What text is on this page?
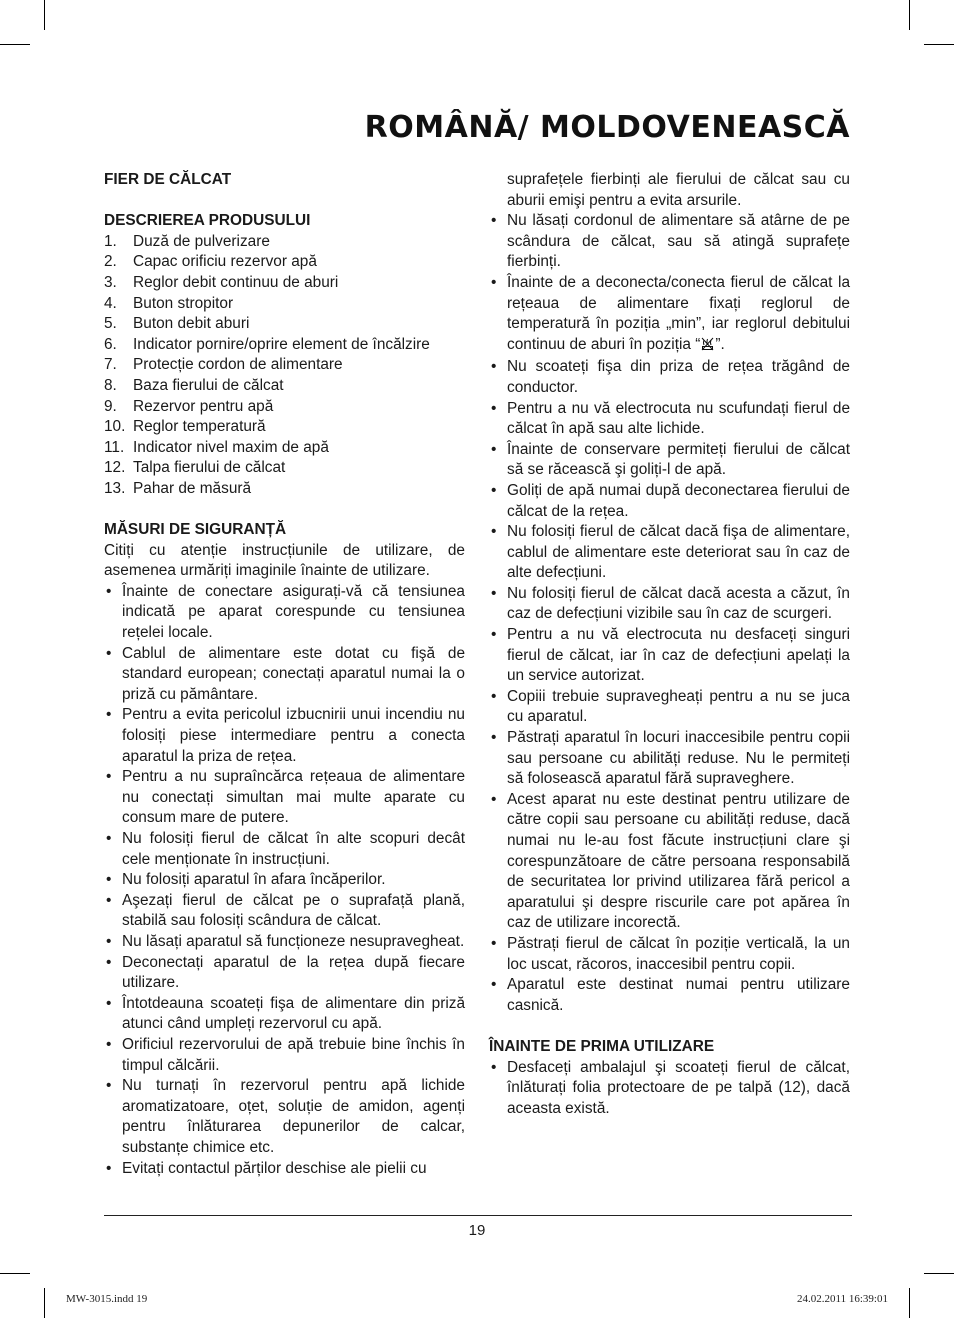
ROMÂNĂ/ MOLDOVENEASCĂ

FIER DE CĂLCAT

DESCRIEREA PRODUSULUI

1.	Duză de pulverizare
2.	Capac orificiu rezervor apă
3.	Reglor debit continuu de aburi
4.	Buton stropitor
5.	Buton debit aburi
6.	Indicator pornire/oprire element de încălzire
7.	Protecție cordon de alimentare
8.	Baza fierului de călcat
9.	Rezervor pentru apă
10. Reglor temperatură
11. Indicator nivel maxim de apă
12. Talpa fierului de călcat
13. Pahar de măsură

MĂSURI DE SIGURANȚĂ

Citiți cu atenție instrucțiunile de utilizare, de asemenea urmăriți imaginile înainte de utilizare.

• Înainte de conectare asigurați-vă că tensiunea indicată pe aparat corespunde cu tensiunea rețelei locale.
• Cablul de alimentare este dotat cu fişă de standard european; conectați aparatul numai la o priză cu pământare.
• Pentru a evita pericolul izbucnirii unui incendiu nu folosiți piese intermediare pentru a conecta aparatul la priza de rețea.
• Pentru a nu supraîncărca rețeaua de alimentare nu conectați simultan mai multe aparate cu consum mare de putere.
• Nu folosiți fierul de călcat în alte scopuri decât cele menționate în instrucțiuni.
• Nu folosiți aparatul în afara încăperilor.
• Aşezați fierul de călcat pe o suprafață plană, stabilă sau folosiți scândura de călcat.
• Nu lăsați aparatul să funcționeze nesupravegheat.
• Deconectați aparatul de la rețea după fiecare utilizare.
• Întotdeauna scoateți fişa de alimentare din priză atunci când umpleți rezervorul cu apă.
• Orificiul rezervorului de apă trebuie bine închis în timpul călcării.
• Nu turnați în rezervorul pentru apă lichide aromatizatoare, oțet, soluție de amidon, agenți pentru înlăturarea depunerilor de calcar, substanțe chimice etc.
• Evitați contactul părților deschise ale pielii cu

suprafețele fierbinți ale fierului de călcat sau cu aburii emişi pentru a evita arsurile.

• Nu lăsați cordonul de alimentare să atârne de pe scândura de călcat, sau să atingă suprafețe fierbinți.
• Înainte de a deconecta/conecta fierul de călcat la rețeaua de alimentare fixați reglorul de temperatură în poziția „min”, iar reglorul debitului continuu de aburi în poziția “ ”.
• Nu scoateți fişa din priza de rețea trăgând de conductor.
• Pentru a nu vă electrocuta nu scufundați fierul de călcat în apă sau alte lichide.
• Înainte de conservare permiteți fierului de călcat să se răcească şi goliți-l de apă.
• Goliți de apă numai după deconectarea fierului de călcat de la rețea.
• Nu folosiți fierul de călcat dacă fişa de alimentare, cablul de alimentare este deteriorat sau în caz de alte defecțiuni.
• Nu folosiți fierul de călcat dacă acesta a căzut, în caz de defecțiuni vizibile sau în caz de scurgeri.
• Pentru a nu vă electrocuta nu desfaceți singuri fierul de călcat, iar în caz de defecțiuni apelați la un service autorizat.
• Copiii trebuie supravegheați pentru a nu se juca cu aparatul.
• Păstrați aparatul în locuri inaccesibile pentru copii sau persoane cu abilități reduse. Nu le permiteți să folosească aparatul fără supraveghere.
• Acest aparat nu este destinat pentru utilizare de către copii sau persoane cu abilități reduse, dacă numai nu le-au fost făcute instrucțiuni clare şi corespunzătoare de către persoana responsabilă de securitatea lor privind utilizarea fără pericol a aparatului şi despre riscurile care pot apărea în caz de utilizare incorectă.
• Păstrați fierul de călcat în poziție verticală, la un loc uscat, răcoros, inaccesibil pentru copii.
• Aparatul este destinat numai pentru utilizare casnică.

ÎNAINTE DE PRIMA UTILIZARE

• Desfaceți ambalajul şi scoateți fierul de călcat, înlăturați folia protectoare de pe talpă (12), dacă aceasta există.
19
MW-3015.indd 19	24.02.2011 16:39:01
